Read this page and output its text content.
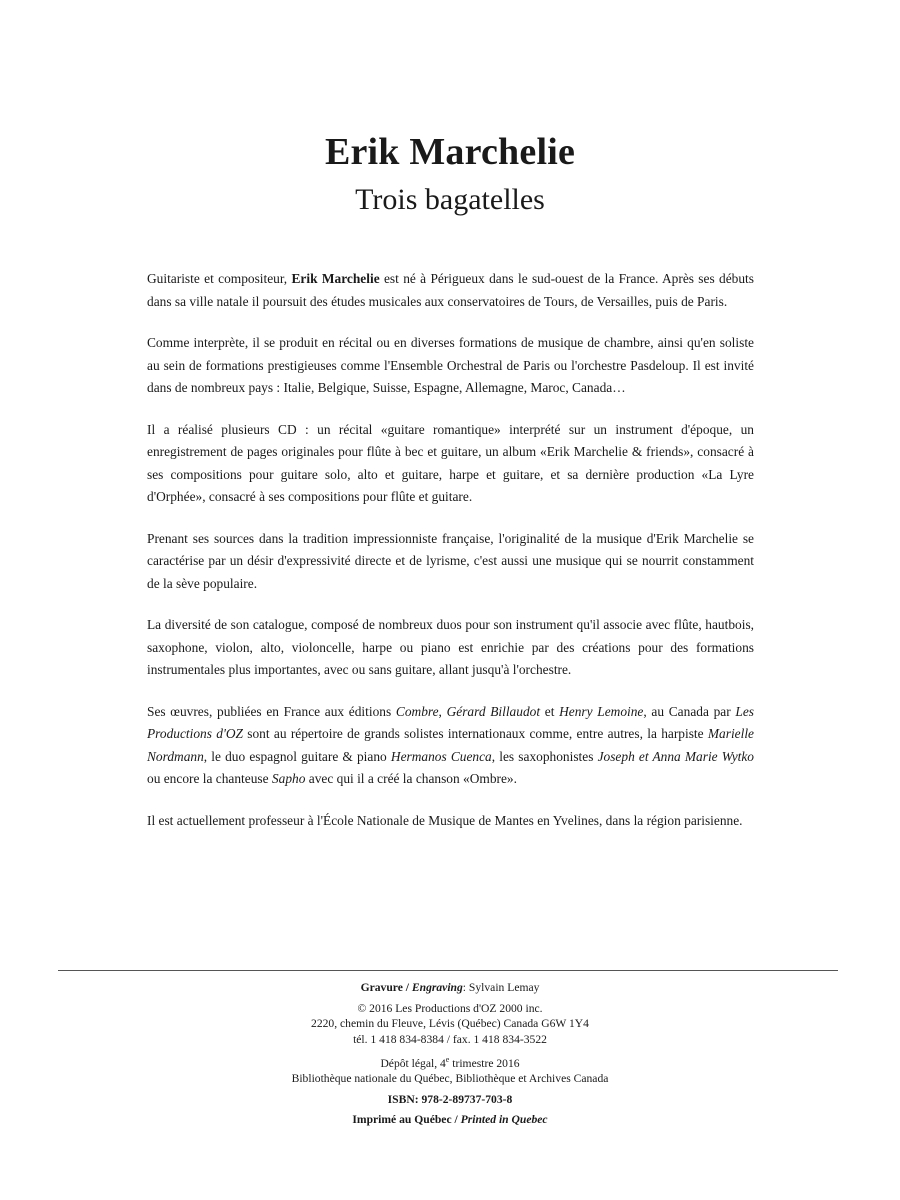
Erik Marchelie
Trois bagatelles

Guitariste et compositeur, Erik Marchelie est né à Périgueux dans le sud-ouest de la France. Après ses débuts dans sa ville natale il poursuit des études musicales aux conservatoires de Tours, de Versailles, puis de Paris.

Comme interprète, il se produit en récital ou en diverses formations de musique de chambre, ainsi qu'en soliste au sein de formations prestigieuses comme l'Ensemble Orchestral de Paris ou l'orchestre Pasdeloup. Il est invité dans de nombreux pays : Italie, Belgique, Suisse, Espagne, Allemagne, Maroc, Canada…

Il a réalisé plusieurs CD : un récital «guitare romantique» interprété sur un instrument d'époque, un enregistrement de pages originales pour flûte à bec et guitare, un album «Erik Marchelie & friends», consacré à ses compositions pour guitare solo, alto et guitare, harpe et guitare, et sa dernière production «La Lyre d'Orphée», consacré à ses compositions pour flûte et guitare.

Prenant ses sources dans la tradition impressionniste française, l'originalité de la musique d'Erik Marchelie se caractérise par un désir d'expressivité directe et de lyrisme, c'est aussi une musique qui se nourrit constamment de la sève populaire.

La diversité de son catalogue, composé de nombreux duos pour son instrument qu'il associe avec flûte, hautbois, saxophone, violon, alto, violoncelle, harpe ou piano est enrichie par des créations pour des formations instrumentales plus importantes, avec ou sans guitare, allant jusqu'à l'orchestre.

Ses œuvres, publiées en France aux éditions Combre, Gérard Billaudot et Henry Lemoine, au Canada par Les Productions d'OZ sont au répertoire de grands solistes internationaux comme, entre autres, la harpiste Marielle Nordmann, le duo espagnol guitare & piano Hermanos Cuenca, les saxophonistes Joseph et Anna Marie Wytko ou encore la chanteuse Sapho avec qui il a créé la chanson «Ombre».

Il est actuellement professeur à l'École Nationale de Musique de Mantes en Yvelines, dans la région parisienne.

Gravure / Engraving: Sylvain Lemay
© 2016 Les Productions d'OZ 2000 inc.
2220, chemin du Fleuve, Lévis (Québec) Canada G6W 1Y4
tél. 1 418 834-8384 / fax. 1 418 834-3522
Dépôt légal, 4e trimestre 2016
Bibliothèque nationale du Québec, Bibliothèque et Archives Canada
ISBN: 978-2-89737-703-8
Imprimé au Québec / Printed in Quebec
